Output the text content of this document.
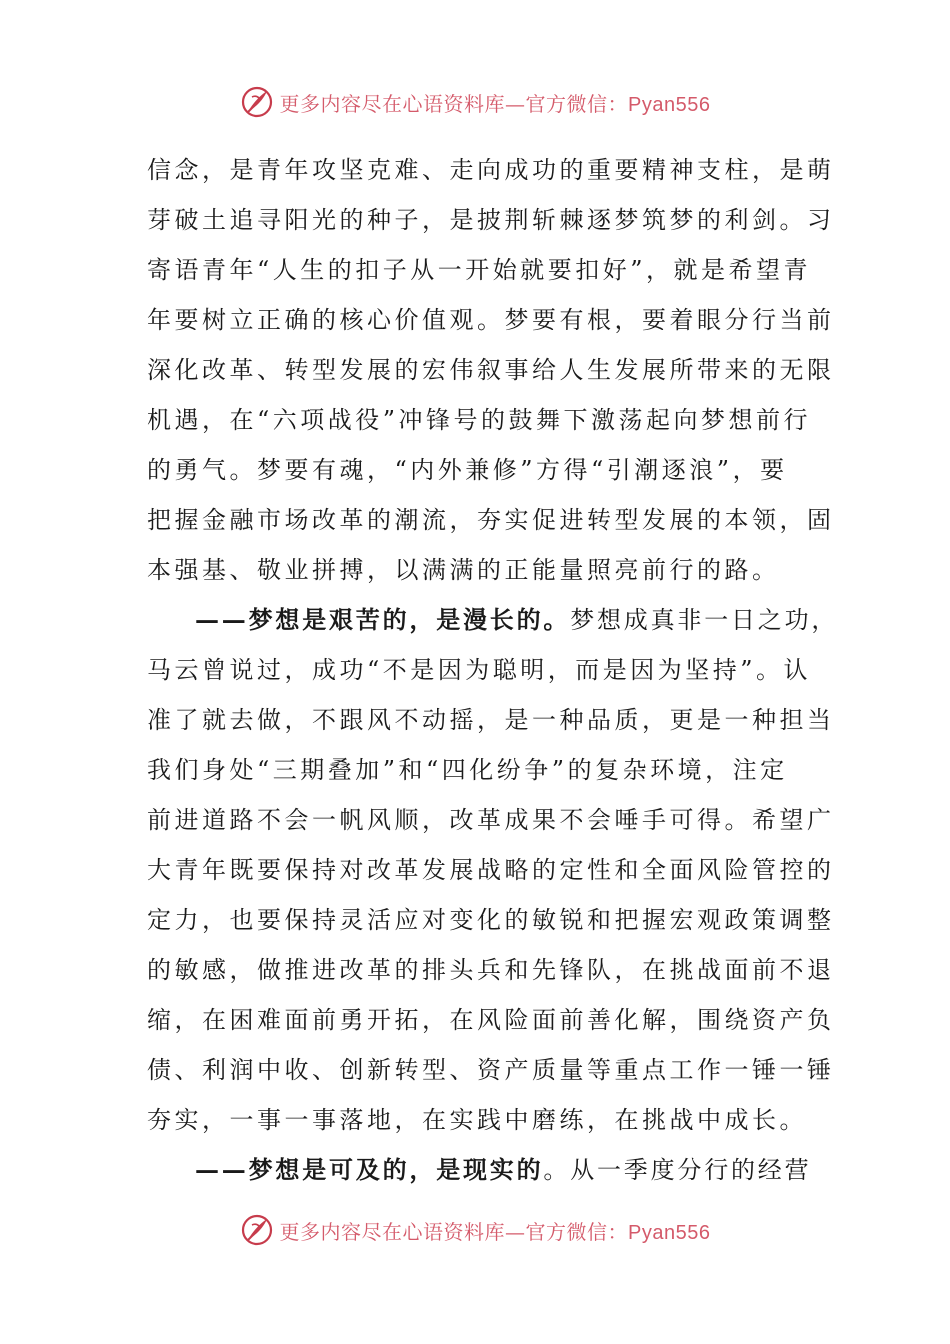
更多内容尽在心语资料库—官方微信：Pyan556
信念，是青年攻坚克难、走向成功的重要精神支柱，是萌
芽破土追寻阳光的种子，是披荆斩棘逐梦筑梦的利剑。习
寄语青年“人生的扣子从一开始就要扣好”，就是希望青
年要树立正确的核心价值观。梦要有根，要着眼分行当前
深化改革、转型发展的宏伟叙事给人生发展所带来的无限
机遇，在“六项战役”冲锋号的鼓舞下激荡起向梦想前行
的勇气。梦要有魂，“内外兼修”方得“引潮逐浪”，要
把握金融市场改革的潮流，夯实促进转型发展的本领，固
本强基、敬业拼搏，以满满的正能量照亮前行的路。
——梦想是艰苦的，是漫长的。梦想成真非一日之功，
马云曾说过，成功“不是因为聪明，而是因为坚持”。认
准了就去做，不跟风不动摇，是一种品质，更是一种担当
我们身处“三期叠加”和“四化纷争”的复杂环境，注定
前进道路不会一帆风顺，改革成果不会唾手可得。希望广
大青年既要保持对改革发展战略的定性和全面风险管控的
定力，也要保持灵活应对变化的敏锐和把握宏观政策调整
的敏感，做推进改革的排头兵和先锋队，在挑战面前不退
缩，在困难面前勇开拓，在风险面前善化解，围绕资产负
债、利润中收、创新转型、资产质量等重点工作一锤一锤
夯实，一事一事落地，在实践中磨练，在挑战中成长。
——梦想是可及的，是现实的。从一季度分行的经营
更多内容尽在心语资料库—官方微信：Pyan556
